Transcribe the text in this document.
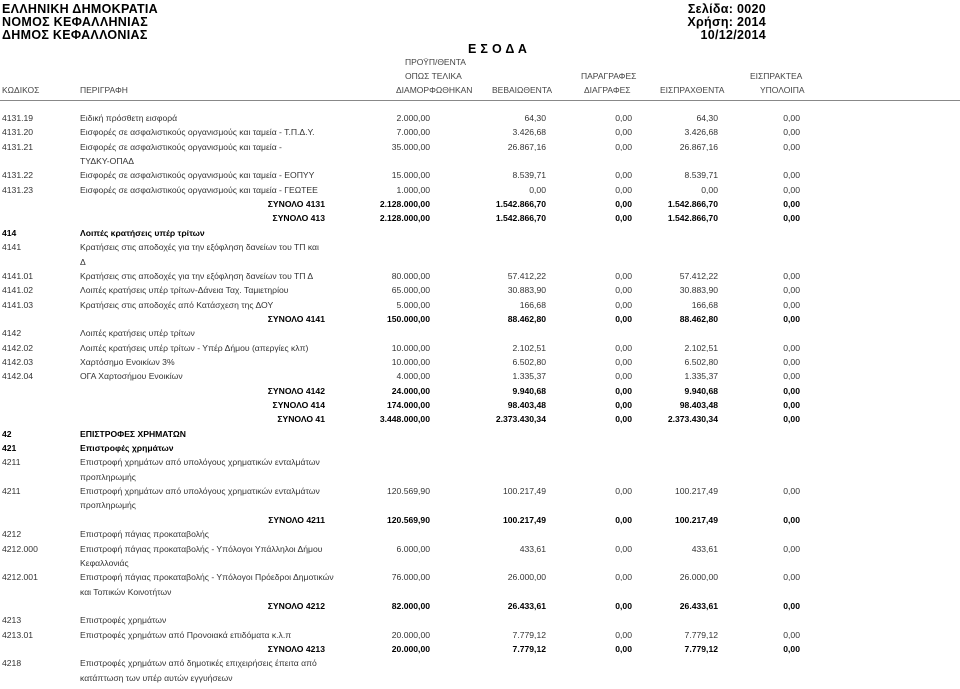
ΕΛΛΗΝΙΚΗ ΔΗΜΟΚΡΑΤΙΑ
ΝΟΜΟΣ ΚΕΦΑΛΛΗΝΙΑΣ
ΔΗΜΟΣ ΚΕΦΑΛΛΟΝΙΑΣ
Σελίδα: 0020
Χρήση: 2014
10/12/2014
Ε Σ Ο Δ Α
ΠΡΟΫΠ/ΘΕΝΤΑ
ΟΠΩΣ ΤΕΛΙΚΑ
ΚΩΔΙΚΟΣ	ΠΕΡΙΓΡΑΦΗ	ΔΙΑΜΟΡΦΩΘΗΚΑΝ ΒΕΒΑΙΩΘΕΝΤΑ
ΠΑΡΑΓΡΑΦΕΣ
ΔΙΑΓΡΑΦΕΣ	ΕΙΣΠΡΑΧΘΕΝΤΑ
ΕΙΣΠΡΑΚΤΕΑ
ΥΠΟΛΟΙΠΑ
4131.19	Ειδική πρόσθετη εισφορά	2.000,00	64,30	0,00	64,30	0,00
4131.20	Εισφορές σε ασφαλιστικούς οργανισμούς και ταμεία - Τ.Π.Δ.Υ.	7.000,00	3.426,68	0,00	3.426,68	0,00
4131.21	Εισφορές σε ασφαλιστικούς οργανισμούς και ταμεία -	35.000,00	26.867,16	0,00	26.867,16	0,00
ΤΥΔΚΥ-ΟΠΑΔ
4131.22	Εισφορές σε ασφαλιστικούς οργανισμούς και ταμεία - ΕΟΠΥΥ	15.000,00	8.539,71	0,00	8.539,71	0,00
4131.23	Εισφορές σε ασφαλιστικούς οργανισμούς και ταμεία - ΓΕΩΤΕΕ	1.000,00	0,00	0,00	0,00	0,00
ΣΥΝΟΛΟ 4131	2.128.000,00	1.542.866,70	0,00	1.542.866,70	0,00
ΣΥΝΟΛΟ 413	2.128.000,00	1.542.866,70	0,00	1.542.866,70	0,00
414	Λοιπές κρατήσεις υπέρ τρίτων
4141	Κρατήσεις στις αποδοχές για την εξόφληση δανείων του ΤΠ και
Δ
4141.01	Κρατήσεις στις αποδοχές για την εξόφληση δανείων του ΤΠ Δ	80.000,00	57.412,22	0,00	57.412,22	0,00
4141.02	Λοιπές κρατήσεις υπέρ τρίτων-Δάνεια Ταχ. Ταμιετηρίου	65.000,00	30.883,90	0,00	30.883,90	0,00
4141.03	Κρατήσεις στις αποδοχές από Κατάσχεση της ΔΟΥ	5.000,00	166,68	0,00	166,68	0,00
ΣΥΝΟΛΟ 4141	150.000,00	88.462,80	0,00	88.462,80	0,00
4142	Λοιπές κρατήσεις υπέρ τρίτων
4142.02	Λοιπές κρατήσεις υπέρ τρίτων - Υπέρ Δήμου (απεργίες κλπ)	10.000,00	2.102,51	0,00	2.102,51	0,00
4142.03	Χαρτόσημο Ενοικίων 3%	10.000,00	6.502,80	0,00	6.502,80	0,00
4142.04	ΟΓΑ Χαρτοσήμου Ενοικίων	4.000,00	1.335,37	0,00	1.335,37	0,00
ΣΥΝΟΛΟ 4142	24.000,00	9.940,68	0,00	9.940,68	0,00
ΣΥΝΟΛΟ 414	174.000,00	98.403,48	0,00	98.403,48	0,00
ΣΥΝΟΛΟ 41	3.448.000,00	2.373.430,34	0,00	2.373.430,34	0,00
42	ΕΠΙΣΤΡΟΦΕΣ ΧΡΗΜΑΤΩΝ
421	Επιστροφές χρημάτων
4211	Επιστροφή χρημάτων από υπολόγους χρηματικών ενταλμάτων
προπληρωμής
4211	Επιστροφή χρημάτων από υπολόγους χρηματικών ενταλμάτων	120.569,90	100.217,49	0,00	100.217,49	0,00
προπληρωμής
ΣΥΝΟΛΟ 4211	120.569,90	100.217,49	0,00	100.217,49	0,00
4212	Επιστροφή πάγιας προκαταβολής
4212.000	Επιστροφή πάγιας προκαταβολής - Υπόλογοι Υπάλληλοι Δήμου	6.000,00	433,61	0,00	433,61	0,00
Κεφαλλονιάς
4212.001	Επιστροφή πάγιας προκαταβολής - Υπόλογοι Πρόεδροι Δημοτικών	76.000,00	26.000,00	0,00	26.000,00	0,00
και Τοπικών Κοινοτήτων
ΣΥΝΟΛΟ 4212	82.000,00	26.433,61	0,00	26.433,61	0,00
4213	Επιστροφές χρημάτων
4213.01	Επιστροφές χρημάτων από Προνοιακά επιδόματα κ.λ.π	20.000,00	7.779,12	0,00	7.779,12	0,00
ΣΥΝΟΛΟ 4213	20.000,00	7.779,12	0,00	7.779,12	0,00
4218	Επιστροφές χρημάτων από δημοτικές επιχειρήσεις έπειτα από
κατάπτωση των υπέρ αυτών εγγυήσεων
